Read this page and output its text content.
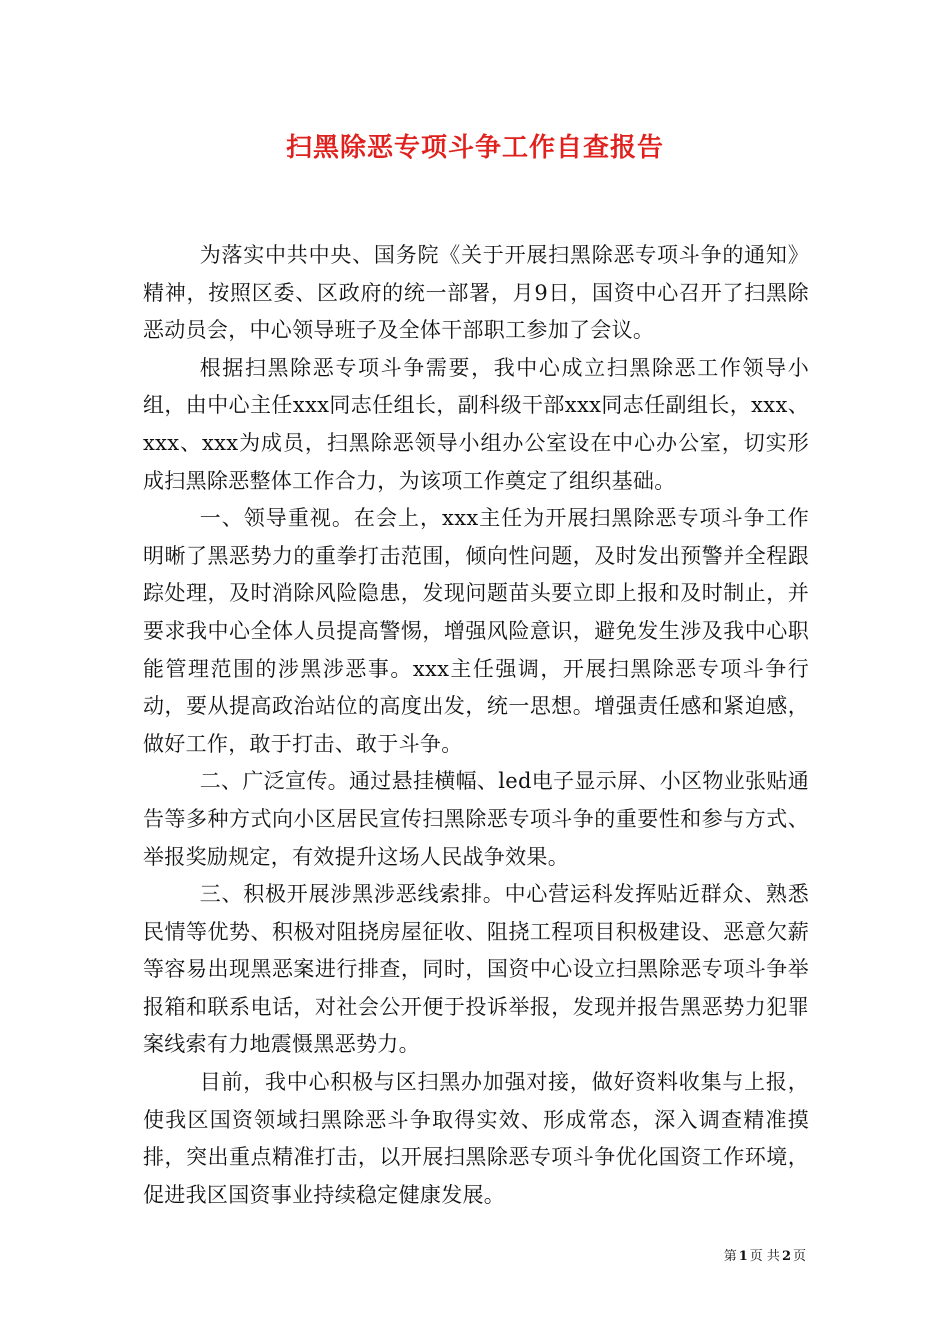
扫黑除恶专项斗争工作自查报告

为落实中共中央、国务院《关于开展扫黑除恶专项斗争的通知》精神，按照区委、区政府的统一部署，月9日，国资中心召开了扫黑除恶动员会，中心领导班子及全体干部职工参加了会议。

根据扫黑除恶专项斗争需要，我中心成立扫黑除恶工作领导小组，由中心主任xxx同志任组长，副科级干部xxx同志任副组长，xxx、xxx、xxx为成员，扫黑除恶领导小组办公室设在中心办公室，切实形成扫黑除恶整体工作合力，为该项工作奠定了组织基础。

一、领导重视。在会上，xxx主任为开展扫黑除恶专项斗争工作明晰了黑恶势力的重拳打击范围，倾向性问题，及时发出预警并全程跟踪处理，及时消除风险隐患，发现问题苗头要立即上报和及时制止，并要求我中心全体人员提高警惕，增强风险意识，避免发生涉及我中心职能管理范围的涉黑涉恶事。xxx主任强调，开展扫黑除恶专项斗争行动，要从提高政治站位的高度出发，统一思想。增强责任感和紧迫感，做好工作，敢于打击、敢于斗争。

二、广泛宣传。通过悬挂横幅、led电子显示屏、小区物业张贴通告等多种方式向小区居民宣传扫黑除恶专项斗争的重要性和参与方式、举报奖励规定，有效提升这场人民战争效果。

三、积极开展涉黑涉恶线索排。中心营运科发挥贴近群众、熟悉民情等优势、积极对阻挠房屋征收、阻挠工程项目积极建设、恶意欠薪等容易出现黑恶案进行排查，同时，国资中心设立扫黑除恶专项斗争举报箱和联系电话，对社会公开便于投诉举报，发现并报告黑恶势力犯罪案线索有力地震慑黑恶势力。

目前，我中心积极与区扫黑办加强对接，做好资料收集与上报，使我区国资领域扫黑除恶斗争取得实效、形成常态，深入调查精准摸排，突出重点精准打击，以开展扫黑除恶专项斗争优化国资工作环境，促进我区国资事业持续稳定健康发展。

第 1 页 共 2 页
